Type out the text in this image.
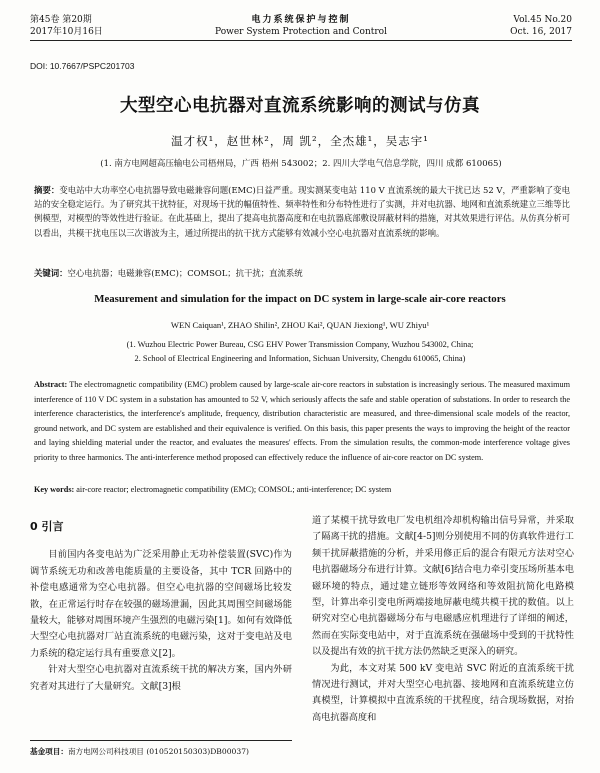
第45卷 第20期
2017年10月16日
电力系统保护与控制
Power System Protection and Control
Vol.45 No.20
Oct. 16, 2017
DOI: 10.7667/PSPC201703
大型空心电抗器对直流系统影响的测试与仿真
温才权¹，赵世林²，周 凯²，全杰雄¹，吴志宇¹
(1. 南方电网超高压输电公司梧州局，广西 梧州 543002；2. 四川大学电气信息学院，四川 成都 610065)
摘要：变电站中大功率空心电抗器导致电磁兼容问题(EMC)日益严重。现实测某变电站 110 V 直流系统的最大干扰已达 52 V，严重影响了变电站的安全稳定运行。为了研究其干扰特征，对现场干扰的幅值特性、频率特性和分布特性进行了实测，并对电抗器、地网和直流系统建立三维等比例模型，对模型的等效性进行验证。在此基础上，提出了提高电抗器高度和在电抗器底部敷设屏蔽材料的措施，对其效果进行评估。从仿真分析可以看出，共模干扰电压以三次谐波为主，通过所提出的抗干扰方式能够有效减小空心电抗器对直流系统的影响。
关键词：空心电抗器；电磁兼容(EMC)；COMSOL；抗干扰；直流系统
Measurement and simulation for the impact on DC system in large-scale air-core reactors
WEN Caiquan¹, ZHAO Shilin², ZHOU Kai², QUAN Jiexiong¹, WU Zhiyu¹
(1. Wuzhou Electric Power Bureau, CSG EHV Power Transmission Company, Wuzhou 543002, China;
2. School of Electrical Engineering and Information, Sichuan University, Chengdu 610065, China)
Abstract: The electromagnetic compatibility (EMC) problem caused by large-scale air-core reactors in substation is increasingly serious. The measured maximum interference of 110 V DC system in a substation has amounted to 52 V, which seriously affects the safe and stable operation of substations. In order to research the interference characteristics, the interference's amplitude, frequency, distribution characteristic are measured, and three-dimensional scale models of the reactor, ground network, and DC system are established and their equivalence is verified. On this basis, this paper presents the ways to improving the height of the reactor and laying shielding material under the reactor, and evaluates the measures' effects. From the simulation results, the common-mode interference voltage gives priority to three harmonics. The anti-interference method proposed can effectively reduce the influence of air-core reactor on DC system.
Key words: air-core reactor; electromagnetic compatibility (EMC); COMSOL; anti-interference; DC system
0 引言

目前国内各变电站为广泛采用静止无功补偿装置(SVC)作为调节系统无功和改善电能质量的主要设备，其中 TCR 回路中的补偿电感通常为空心电抗器。但空心电抗器的空间磁场比较发散，在正常运行时存在较强的磁场泄漏，因此其周围空间磁场能量较大，能够对周围环境产生强烈的电磁污染[1]。如何有效降低大型空心电抗器对厂站直流系统的电磁污染，这对于变电站及电力系统的稳定运行具有重要意义[2]。

针对大型空心电抗器对直流系统干扰的解决方案，国内外研究者对其进行了大量研究。文献[3]根

道了某模干扰导致电厂发电机组冷却机构输出信号异常，并采取了隔离干扰的措施。文献[4-5]则分别使用不同的仿真软件进行工频干扰屏蔽措施的分析，并采用修正后的混合有限元方法对空心电抗器磁场分布进行计算。文献[6]结合电力牵引变压场所基本电磁环境的特点，通过建立链形等效网络和等效阻抗简化电路模型，计算出牵引变电所两端接地屏蔽电缆共模干扰的数值。以上研究对空心电抗器磁场分布与电磁感应机理进行了详细的阐述，然而在实际变电站中，对于直流系统在强磁场中受到的干扰特性以及提出有效的抗干扰方法仍然缺乏更深入的研究。

为此，本文对某 500 kV 变电站 SVC 附近的直流系统干扰情况进行测试，并对大型空心电抗器、接地网和直流系统建立仿真模型，计算模拟中直流系统的干扰程度，结合现场数据，对抬高电抗器高度和

基金项目：南方电网公司科技项目 (010520150303)DB00037)
